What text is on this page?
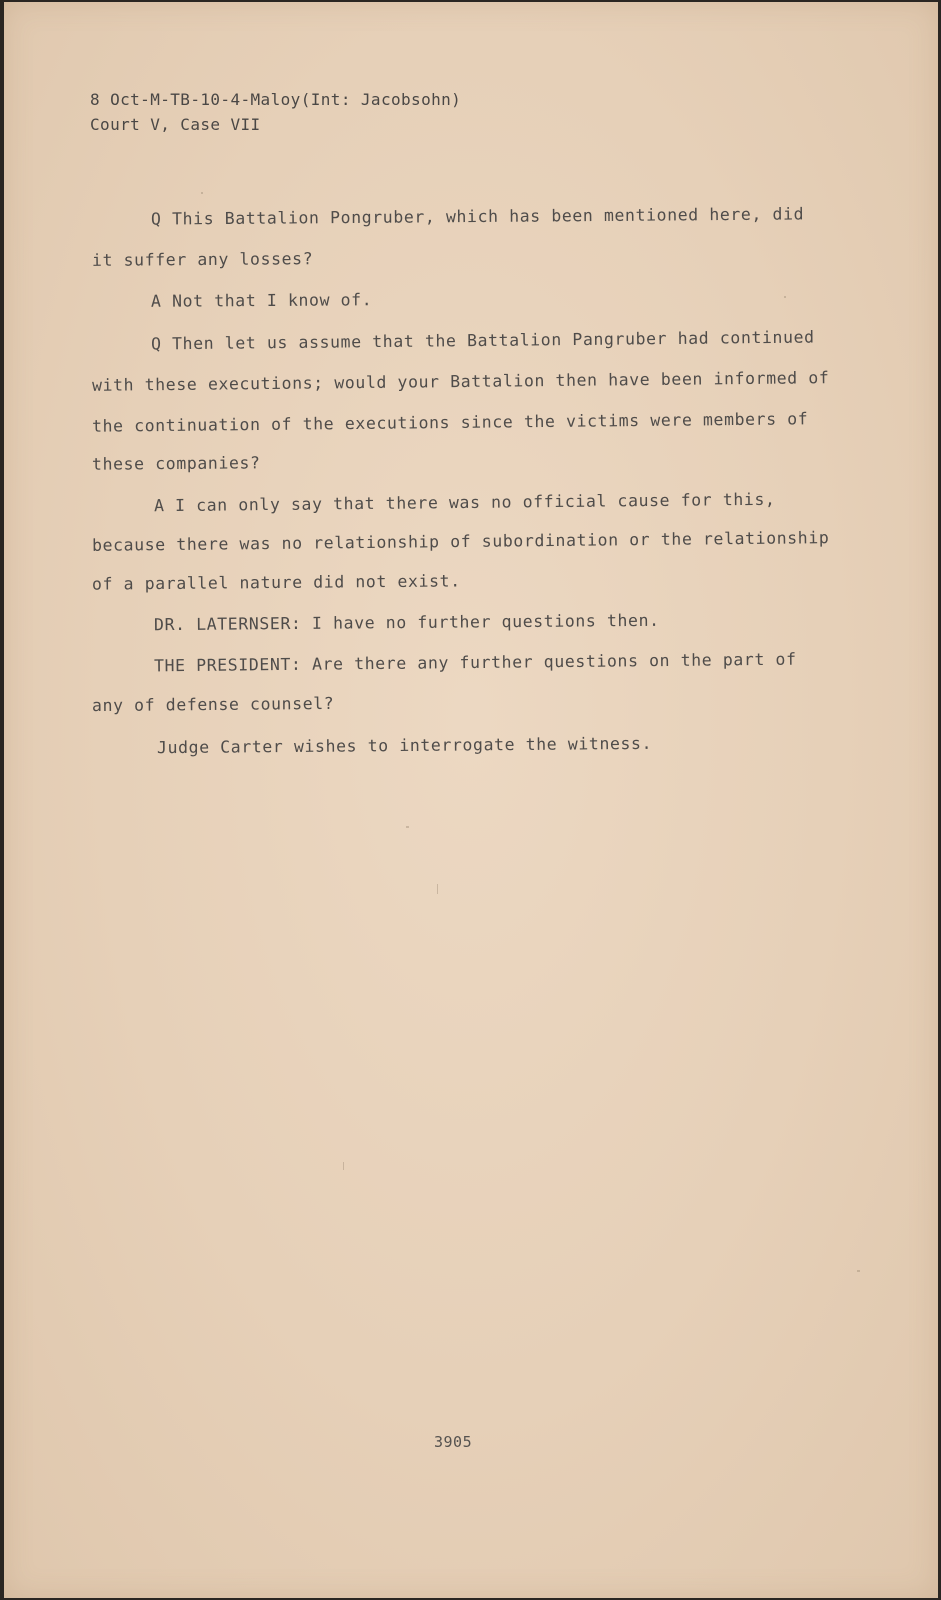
8 Oct-M-TB-10-4-Maloy(Int: Jacobsohn)
Court V, Case VII
Q This Battalion Pongruber, which has been mentioned here, did
it suffer any losses?
A Not that I know of.
Q Then let us assume that the Battalion Pangruber had continued
with these executions; would your Battalion then have been informed of
the continuation of the executions since the victims were members of
these companies?
A I can only say that there was no official cause for this,
because there was no relationship of subordination or the relationship
of a parallel nature did not exist.
DR. LATERNSER: I have no further questions then.
THE PRESIDENT: Are there any further questions on the part of
any of defense counsel?
Judge Carter wishes to interrogate the witness.
3905
